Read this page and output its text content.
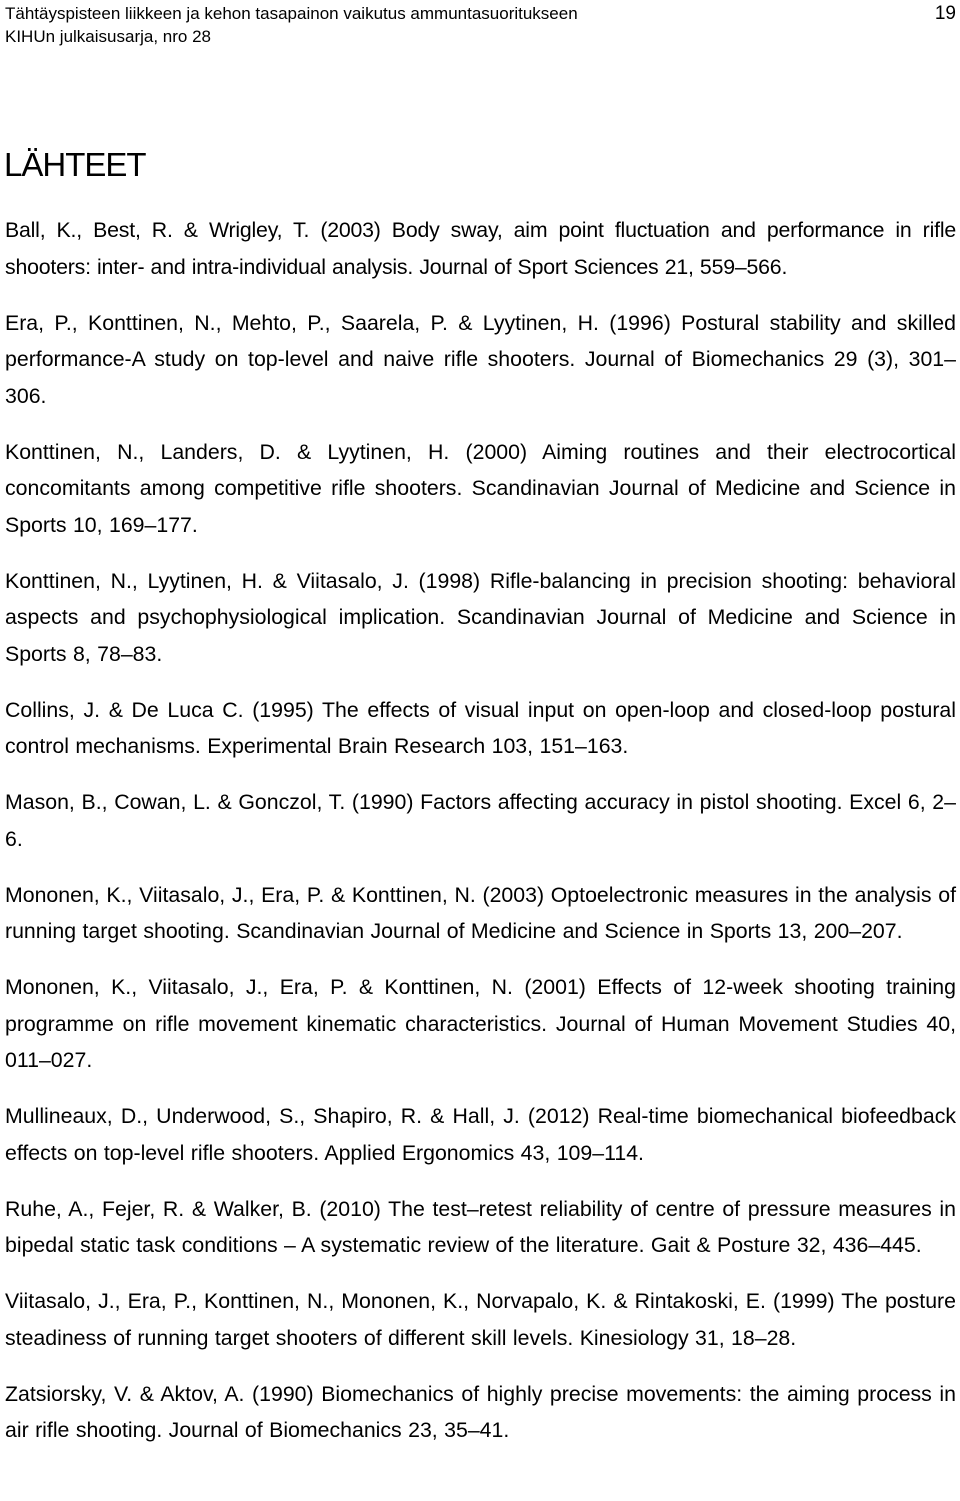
Tähtäyspisteen liikkeen ja kehon tasapainon vaikutus ammuntasuoritukseen
KIHUn julkaisusarja, nro 28
19
LÄHTEET
Ball, K., Best, R. & Wrigley, T. (2003) Body sway, aim point fluctuation and performance in rifle shooters: inter- and intra-individual analysis. Journal of Sport Sciences 21, 559–566.
Era, P., Konttinen, N., Mehto, P., Saarela, P. & Lyytinen, H. (1996) Postural stability and skilled performance-A study on top-level and naive rifle shooters. Journal of Biomechanics 29 (3), 301–306.
Konttinen, N., Landers, D. & Lyytinen, H. (2000) Aiming routines and their electrocortical concomitants among competitive rifle shooters. Scandinavian Journal of Medicine and Science in Sports 10, 169–177.
Konttinen, N., Lyytinen, H. & Viitasalo, J. (1998) Rifle-balancing in precision shooting: behavioral aspects and psychophysiological implication. Scandinavian Journal of Medicine and Science in Sports 8, 78–83.
Collins, J. & De Luca C. (1995) The effects of visual input on open-loop and closed-loop postural control mechanisms. Experimental Brain Research 103, 151–163.
Mason, B., Cowan, L. & Gonczol, T. (1990) Factors affecting accuracy in pistol shooting. Excel 6, 2–6.
Mononen, K., Viitasalo, J., Era, P. & Konttinen, N. (2003) Optoelectronic measures in the analysis of running target shooting. Scandinavian Journal of Medicine and Science in Sports 13, 200–207.
Mononen, K., Viitasalo, J., Era, P. & Konttinen, N. (2001) Effects of 12-week shooting training programme on rifle movement kinematic characteristics. Journal of Human Movement Studies 40, 011–027.
Mullineaux, D., Underwood, S., Shapiro, R. & Hall, J. (2012) Real-time biomechanical biofeedback effects on top-level rifle shooters. Applied Ergonomics 43, 109–114.
Ruhe, A., Fejer, R. & Walker, B. (2010) The test–retest reliability of centre of pressure measures in bipedal static task conditions – A systematic review of the literature. Gait & Posture 32, 436–445.
Viitasalo, J., Era, P., Konttinen, N., Mononen, K., Norvapalo, K. & Rintakoski, E. (1999) The posture steadiness of running target shooters of different skill levels. Kinesiology 31, 18–28.
Zatsiorsky, V. & Aktov, A. (1990) Biomechanics of highly precise movements: the aiming process in air rifle shooting. Journal of Biomechanics 23, 35–41.
